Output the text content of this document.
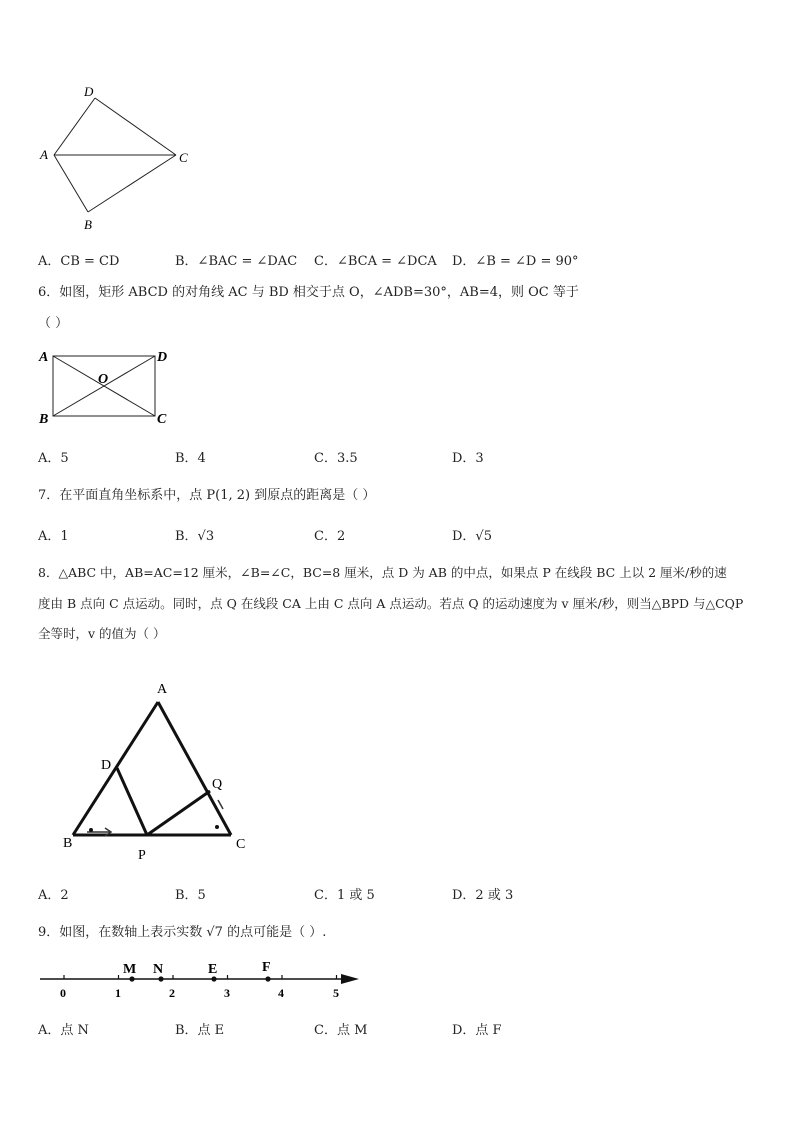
D
A	C
B
A．CB = CD	B．∠BAC = ∠DAC C．∠BCA = ∠DCA D．∠B = ∠D = 90°
6．如图，矩形 ABCD 的对角线 AC 与 BD 相交于点 O，∠ADB=30°，AB=4，则 OC 等于
（ ）
A	D
O
B	C
A．5	B．4	C．3.5	D．3
7．在平面直角坐标系中，点 P(1, 2) 到原点的距离是（ ）
A．1	B．√3	C．2	D．√5
8．△ABC 中，AB=AC=12 厘米，∠B=∠C，BC=8 厘米，点 D 为 AB 的中点，如果点 P 在线段 BC 上以 2 厘米/秒的速
度由 B 点向 C 点运动。同时，点 Q 在线段 CA 上由 C 点向 A 点运动。若点 Q 的运动速度为 v 厘米/秒，则当△BPD 与△CQP
全等时，v 的值为（ ）
A
D
Q
B
P
C
A．2	B．5	C．1 或 5	D．2 或 3
9．如图，在数轴上表示实数 √7 的点可能是（ ）.
M N	E	F
0	1	2	3	4	5
A．点 N	B．点 E	C．点 M	D．点 F
